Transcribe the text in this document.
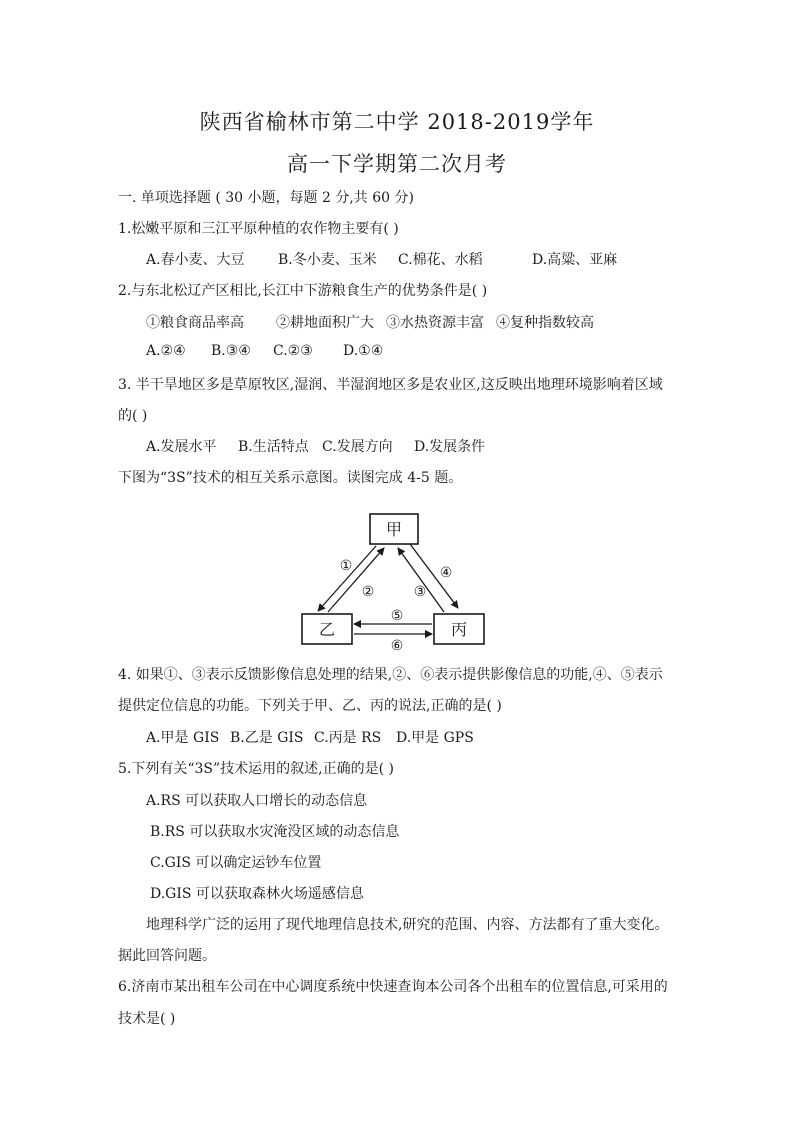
陕西省榆林市第二中学 2018-2019学年
高一下学期第二次月考
一. 单项选择题 ( 30 小题，每题 2 分,共 60 分)
1.松嫩平原和三江平原种植的农作物主要有( )
A.春小麦、大豆 B.冬小麦、玉米 C.棉花、水稻	D.高粱、亚麻
2.与东北松辽产区相比,长江中下游粮食生产的优势条件是( )
①粮食商品率高 ②耕地面积广大 ③水热资源丰富 ④复种指数较高
A.②④ B.③④ C.②③ D.①④
3. 半干旱地区多是草原牧区,湿润、半湿润地区多是农业区,这反映出地理环境影响着区域
的( )
A.发展水平 B.生活特点 C.发展方向 D.发展条件
下图为“3S”技术的相互关系示意图。读图完成 4-5 题。
甲
乙	丙
①
②	③
④
⑤
⑥
4. 如果①、③表示反馈影像信息处理的结果,②、⑥表示提供影像信息的功能,④、⑤表示
提供定位信息的功能。下列关于甲、乙、丙的说法,正确的是( )
A.甲是 GIS B.乙是 GIS C.丙是 RS D.甲是 GPS
5.下列有关“3S”技术运用的叙述,正确的是( )
A.RS 可以获取人口增长的动态信息
B.RS 可以获取水灾淹没区域的动态信息
C.GIS 可以确定运钞车位置
D.GIS 可以获取森林火场遥感信息
地理科学广泛的运用了现代地理信息技术,研究的范围、内容、方法都有了重大变化。
据此回答问题。
6.济南市某出租车公司在中心调度系统中快速查询本公司各个出租车的位置信息,可采用的
技术是( )
